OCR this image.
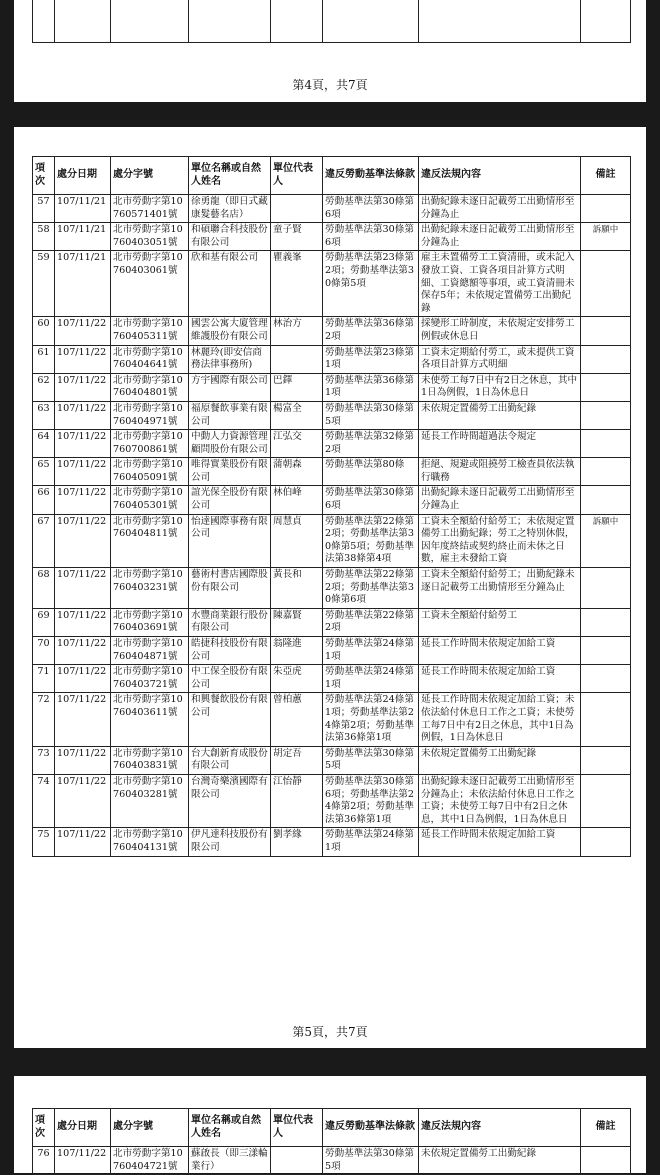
第4頁，共7頁
項次	處分日期	處分字號	單位名稱或自然人姓名	單位代表人	違反勞動基準法條款	違反法規內容	備註
57	107/11/21	北市勞動字第10760571401號	徐勇龍（即日式藏康髮藝名店）		勞動基準法第30條第6項	出勤紀錄未逐日記載勞工出勤情形至分鐘為止	
58	107/11/21	北市勞動字第10760403051號	和碩聯合科技股份有限公司	童子賢	勞動基準法第30條第6項	出勤紀錄未逐日記載勞工出勤情形至分鐘為止	訴願中
59	107/11/21	北市勞動字第10760403061號	欣和基有限公司	瞿義峯	勞動基準法第23條第2項；勞動基準法第30條第5項	雇主未置備勞工工資清冊，或未記入發放工資、工資各項目計算方式明細、工資總額等事項，或工資清冊未保存5年；未依規定置備勞工出勤紀錄	
60	107/11/22	北市勞動字第10760405311號	國雲公寓大廈管理維護股份有限公司	林治方	勞動基準法第36條第2項	採變形工時制度，未依規定安排勞工例假或休息日	
61	107/11/22	北市勞動字第10760404641號	林麗玲(即安信商務法律事務所)		勞動基準法第23條第1項	工資未定期給付勞工，或未提供工資各項目計算方式明細	
62	107/11/22	北市勞動字第10760404801號	方宇國際有限公司	巴鐸	勞動基準法第36條第1項	未使勞工每7日中有2日之休息，其中1日為例假，1日為休息日	
63	107/11/22	北市勞動字第10760404971號	福原餐飲事業有限公司	楊富全	勞動基準法第30條第5項	未依規定置備勞工出勤紀錄	
64	107/11/22	北市勞動字第10760700861號	中動人力資源管理顧問股份有限公司	江弘交	勞動基準法第32條第2項	延長工作時間超過法令規定	
65	107/11/22	北市勞動字第10760405091號	唯得實業股份有限公司	蒲朝森	勞動基準法第80條	拒絕、規避或阻撓勞工檢查員依法執行職務	
66	107/11/22	北市勞動字第10760405301號	誼光保全股份有限公司	林伯峰	勞動基準法第30條第6項	出勤紀錄未逐日記載勞工出勤情形至分鐘為止	
67	107/11/22	北市勞動字第10760404811號	怡達國際事務有限公司	周慧貞	勞動基準法第22條第2項；勞動基準法第30條第5項；勞動基準法第38條第4項	工資未全額給付給勞工；未依規定置備勞工出勤紀錄；勞工之特別休假，因年度終結或契約終止而未休之日數，雇主未發給工資	訴願中
68	107/11/22	北市勞動字第10760403231號	藝術村書店國際股份有限公司	黃長和	勞動基準法第22條第2項；勞動基準法第30條第6項	工資未全額給付給勞工；出勤紀錄未逐日記載勞工出勤情形至分鐘為止	
69	107/11/22	北市勞動字第10760403691號	水豐商業銀行股份有限公司	陳嘉賢	勞動基準法第22條第2項	工資未全額給付給勞工	
70	107/11/22	北市勞動字第10760404871號	皓捷科技股份有限公司	翁隆進	勞動基準法第24條第1項	延長工作時間未依規定加給工資	
71	107/11/22	北市勞動字第10760403721號	中工保全股份有限公司	朱亞虎	勞動基準法第24條第1項	延長工作時間未依規定加給工資	
72	107/11/22	北市勞動字第10760403611號	和興餐飲股份有限公司	曾柏蕙	勞動基準法第24條第1項；勞動基準法第24條第2項；勞動基準法第36條第1項	延長工作時間未依規定加給工資；未依法給付休息日工作之工資；未使勞工每7日中有2日之休息，其中1日為例假，1日為休息日	
73	107/11/22	北市勞動字第10760403831號	台大創新育成股份有限公司	胡定吾	勞動基準法第30條第5項	未依規定置備勞工出勤紀錄	
74	107/11/22	北市勞動字第10760403281號	台灣奇樂濱國際有限公司	江怡靜	勞動基準法第30條第6項；勞動基準法第24條第2項；勞動基準法第36條第1項	出勤紀錄未逐日記載勞工出勤情形至分鐘為止；未依法給付休息日工作之工資；未使勞工每7日中有2日之休息，其中1日為例假，1日為休息日	
75	107/11/22	北市勞動字第10760404131號	伊凡達科技股份有限公司	劉孝緣	勞動基準法第24條第1項	延長工作時間未依規定加給工資	
第5頁，共7頁
項次	處分日期	處分字號	單位名稱或自然人姓名	單位代表人	違反勞動基準法條款	違反法規內容	備註
76	107/11/22	北市勞動字第10760404721號	蘇啟長（即三漾輪業行）		勞動基準法第30條第5項	未依規定置備勞工出勤紀錄	
